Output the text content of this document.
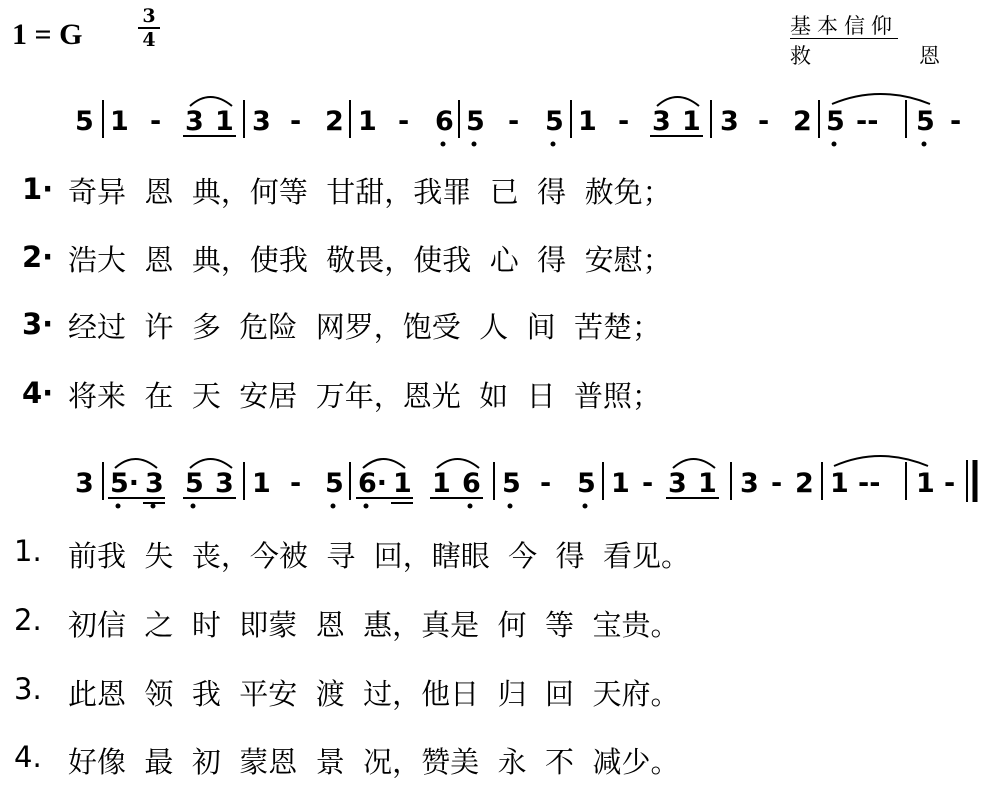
1 = G
3
4
基本信仰
救	恩
5 1 - 3 1 3 - 2 1 - 6 5 - 5 1 - 3 1 3 - 2 5 -- 5 -
3 5· 3 5 3 1 - 5 6· 1 1 6 5 - 5 1 - 3 1 3 - 2 1 -- 1 -
1· 奇异  恩  典，何等  甘甜，我罪  已  得  赦免；
2· 浩大  恩  典，使我  敬畏，使我  心  得  安慰；
3· 经过  许  多  危险  网罗，饱受  人  间  苦楚；
4· 将来  在  天  安居  万年，恩光  如  日  普照；
1. 前我  失  丧，今被  寻  回，瞎眼  今  得  看见。
2. 初信  之  时  即蒙  恩  惠，真是  何  等  宝贵。
3. 此恩  领  我  平安  渡  过，他日  归  回  天府。
4. 好像  最  初  蒙恩  景  况，赞美  永  不  减少。
